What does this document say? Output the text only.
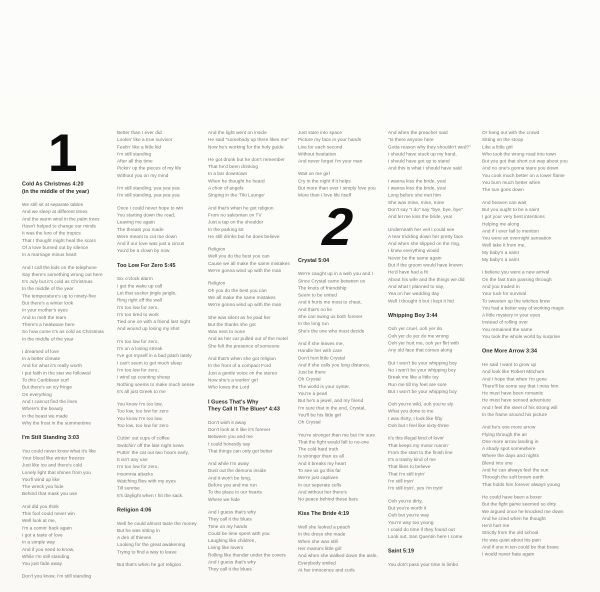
1
Cold As Christmas 4:20
(in the middle of the year)

We still sit at separate tables
And we sleep at different times
And the warm wind in the palm trees
Hasn't helped to change our minds
It was the lure of the tropics
That I thought might heal the scars
Of a love burned out by silence
In a marriage minus heart

And I call the kids on the telephone
Say there's something wrong out here
It's July but it's cold as Christmas
In the middle of the year
The temperature's up to ninety-five
But there's a winter look
In your mother's eyes
And to melt the tears
There's a heatwave here
So how come it's as cold as Christmas
In the middle of the year

I dreamed of love
In a better climate
And for what it's really worth
I put faith in the star we followed
To this Caribbean surf
But there's an icy fringe
On everything
And I cannot find the lines
Where's the beauty
In the beast we made
Why the frost in the summertime

I'm Still Standing 3:03

You could never know what it's like
Your blood like winter freezes
Just like ice and there's cold
Lonely light that shines from you
You'll wind up like
The wreck you hide
Behind that mask you use

And did you think
This fool could never win
Well look at me,
I'm a comin' back again
I got a taste of love
In a simple way
And if you need to know,
While I'm still standing
You just fade away

Don't you know, I'm still standing

Better than I ever did
Lookin' like a true survivor
Feelin' like a little kid
I'm still standing
After all this time
Pickin' up the pieces of my life
Without you on my mind

I'm still standing, yea yea yea
I'm still standing, yea yea yea

Once I could never hope to win
You starting down the road,
Leaving me again
The threats you made
Were meant to cut me down
And if our love was just a circus
You'd be a clown by now

Too Low For Zero 5:45

Six o'clock alarm
I get the wake up call
Let that sucker jingle jangle,
Ring right off the wall
I'm too low for zero,
I'm too tired to work
Tied one on with a friend last night
And wound up losing my shirt

I'm too low for zero,
I'm on a losing streak
I've got myself in a bad patch lately
I can't seem to get much sleep
I'm too low for zero,
I wind up counting sheep
Nothing seems to make much sense
It's all just Greek to me

You know I'm too low,
Too low, too low for zero
You know I'm too low,
Too low, too low for zero

Cuttin' out cups of coffee
Switchin' off the late night news
Puttin' the cat out two hours early,
It isn't any use
I'm too low for zero,
Insomnia attacks
Watching flies with my eyes
Till sunrise
It's daylight when I hit the sack.

Religion 4:06

Well he could almost taste the money
But he was sitting in
A den of thieves
Looking for the great awakening
Trying to find a way to leave

But that's when he got religion

And the light went on inside
He said "somebody up there likes me"
Now he's working for the holy guide

He got drunk but he don't remember
That he'd been drinking
In a bar downtown
When he thought he heard
A choir of angels
Singing in the 'Tiki Lounge'

And that's when he got religion
From no salesman on TV
Just a tap on the shoulder
In the parking lot
He still drinks but he does believe

Religion
Well you do the best you can
Cause we all make the same mistakes
We're gonna wind up with the man

Religion
Oh you do the best you can
We all make the same mistakes
We're gonna wind up with the man

She was silent as he paid her
But the thanks she got
Was next to none
And as her car pulled out of the motel
She felt the presence of someone

And that's when she got religion
In the front of a compact Ford
Just a gentle voice on the stereo
Now she's a workin' girl
Who loves the Lord

I Guess That's Why
They Call It The Blues* 4:43

Don't wish it away
Don't look at it like it's forever
Between you and me
I could honestly say
That things can only get better

And while I'm away
Dust out the demons inside
And it won't be long,
Before you and me run
To the place in our hearts
Where we hide

And I guess that's why
They call it the blues
Time on my hands
Could be time spent with you
Laughing like children,
Living like lovers
Rolling like thunder under the covers
And I guess that's why
They call it the blues

Just stare into space
Picture my face in your hands
Live for each second
Without hesitation
And never forget I'm your man

Wait on me girl
Cry in the night if it helps
But more than ever I simply love you
More than I love life itself

2
Crystal 5:04

We're caught up in a web you and I
Since Crystal came between us
The knots of friendship
Seem to be untied
And it hurts me most to cheat,
And that's no lie
She can swing us both forever
In the long run
She's the one who must decide

And if she leaves me,
Handle her with care
Don't hurt little Crystal
And if she calls you long distance,
Just be there
Oh Crystal
The world is your oyster,
You're a pearl
But he's a jewel, and my friend
I'm sure that in the end, Crystal,
You'll be his little girl
Oh Crystal

You're stronger than me but I'm sure
That the fight would fall to no-one
The cold hard truth
Is stronger than us all
And it breaks my heart
To see us go this far
We're just captives
In our seperate cells
And without her there's
No peace behind these bars

Kiss The Bride 4:19

Well she looked a peach
In the dress she made
When she was still
Her mama's little girl
And when she walked down the aisle,
Everybody smiled
At her innocence and curls

And when the preacher said
"Is there anyone here
Gotta reason why they shouldn't wed?"
I should have stuck up my hand,
I should have got up to stand
And this is what I should have said

I wanna kiss the bride, yea!
I wanna kiss the bride, yea!
Long before she met him
She was mine, mine, mine
Don't say "I do" say "bye, bye, bye"
And let me kiss the bride, yea!

Underneath her veil I could see
A tear trickling down her pretty face
And when she slipped on the ring,
I knew everything would
Never be the same again
But if the groom would have known
He'd have had a fit
About his wife and the things we did
And what I planned to say,
Yea on her wedding day
Well I thought it but I kept it hid

Whipping Boy 3:44

Ooh yer cruel, ooh yer do
Ooh yer do yer do me wrong
Ooh yer hurt me, ooh yer flirt with
Any old face that comes along

But I won't be your whipping boy
No I won't be your whipping boy
Break me like a little toy
Run me till my feet are sore
But I won't be your whipping boy

Ooh you're wild, ooh you're sly
What you done to me
I was thirty, I look like fifty
Ooh but I feel like sixty-three

It's this illegal kind of lovin'
That keeps my motor runnin'
From the start to the finish line
It's a trashy kind of me
That likes to believe
That I'm still tryin'
I'm still tryin'
I'm still tryin', yes I'm tryin'

Ooh you're dirty,
But you're worth it
Ooh but you're way
You're way too young
I could do time if they found out
Look out, San Quentin here I come

Saint 5:19

You don't pass your time in limbo

Or hang out with the crowd
Sitting on the stoop
Like a little girl
Who took the wrong road into town
But you got that short cut way about you
And no one's gonna stare you down
You cook much better on a lower flame
You burn much better when
The sun goes down

And heaven can wait
But you ought to be a saint
I got your very best intentions
Helping me along
And if I ever fail to mention
You were an overnight sensation
Well take it from me,
My baby's a saint
My baby's a saint

I believe you were a new arrival
On the fast train passing through
And you traded in
Your luck for survival
To sweeten up the witches brew
You had a better way of working magic
A little mystery in your eyes
Instead of rolling over
You remained the same
You took the whole world by surprise

One More Arrow 3:34

He said I want to grow up
And look like Robert Mitchum
And I hope that when I'm gone
There'll be some say that I miss him
He must have been romantic
He must have sensed adventure
And I feel the steel of his strong will
In the frame around his picture

And he's one more arrow
Flying through the air
One more arrow landing in
A shady spot somewhere
Where the days and nights
Blend into one
And he can always feel the sun
Through the soft brown earth
That holds him forever always young

He could have been a boxer
But the fight game seemed so dirty
We argued once he knocked me down
And he cried when he thought
He'd hurt me
Strictly from the old school
He was quiet about his pain
And if one in ten could be that brave
I would never hate again
